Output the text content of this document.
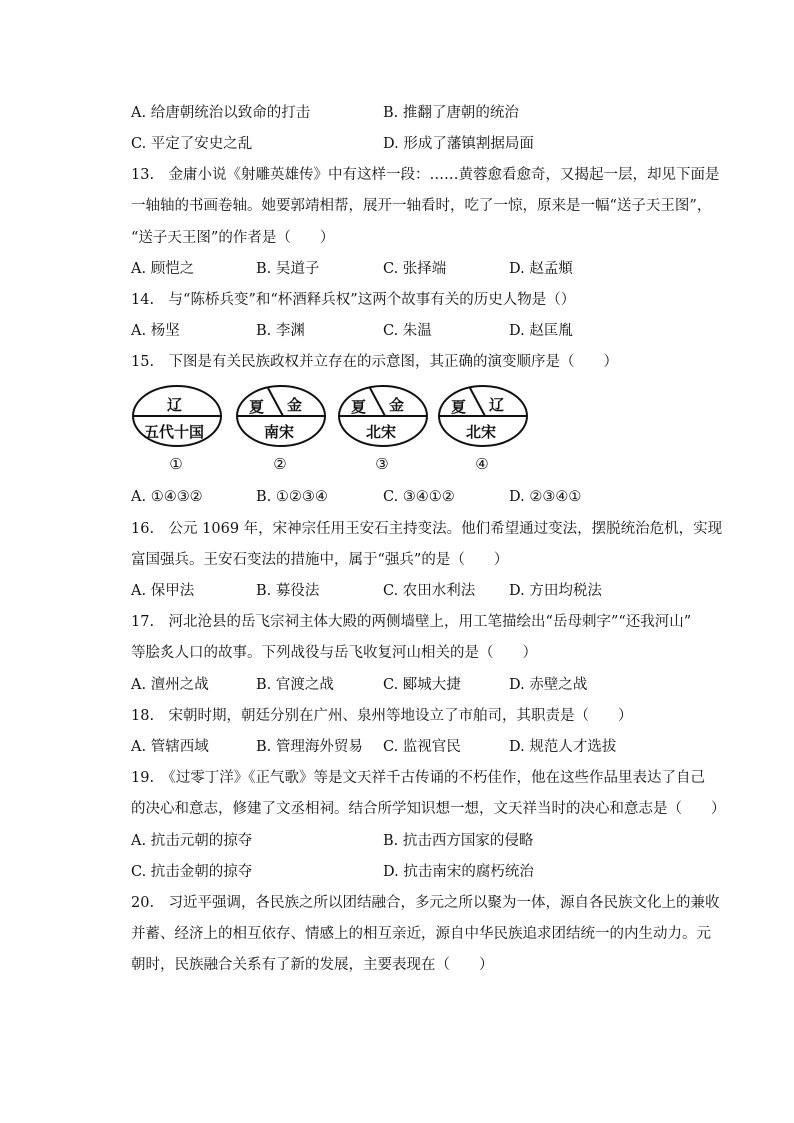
A. 给唐朝统治以致命的打击	B. 推翻了唐朝的统治
C. 平定了安史之乱	D. 形成了藩镇割据局面
13.　金庸小说《射雕英雄传》中有这样一段：……黄蓉愈看愈奇，又揭起一层，却见下面是
一轴轴的书画卷轴。她要郭靖相帮，展开一轴看时，吃了一惊，原来是一幅“送子天王图”，
“送子天王图”的作者是（　　）
A. 顾恺之	B. 吴道子	C. 张择端	D. 赵孟頫
14.　与“陈桥兵变”和“杯酒释兵权”这两个故事有关的历史人物是（）
A. 杨坚	B. 李渊	C. 朱温	D. 赵匡胤
15.　下图是有关民族政权并立存在的示意图，其正确的演变顺序是（　　）
辽
五代十国
①
夏 金
南宋
②
夏 金
北宋
③
夏 辽
北宋
④
A. ①④③②	B. ①②③④	C. ③④①②	D. ②③④①
16.　公元 1069 年，宋神宗任用王安石主持变法。他们希望通过变法，摆脱统治危机，实现
富国强兵。王安石变法的措施中，属于“强兵”的是（　　）
A. 保甲法	B. 募役法	C. 农田水利法 D. 方田均税法
17.　河北沧县的岳飞宗祠主体大殿的两侧墙壁上，用工笔描绘出“岳母刺字”“还我河山”
等脍炙人口的故事。下列战役与岳飞收复河山相关的是（　　）
A. 澶州之战	B. 官渡之战	C. 郾城大捷	D. 赤壁之战
18.　宋朝时期，朝廷分别在广州、泉州等地设立了市舶司，其职责是（　　）
A. 管辖西域	B. 管理海外贸易 C. 监视官民	D. 规范人才选拔
19.　《过零丁洋》《正气歌》等是文天祥千古传诵的不朽佳作，他在这些作品里表达了自己
的决心和意志，修建了文丞相祠。结合所学知识想一想，文天祥当时的决心和意志是（　　）
A. 抗击元朝的掠夺	B. 抗击西方国家的侵略
C. 抗击金朝的掠夺	D. 抗击南宋的腐朽统治
20.　习近平强调，各民族之所以团结融合，多元之所以聚为一体，源自各民族文化上的兼收
并蓄、经济上的相互依存、情感上的相互亲近，源自中华民族追求团结统一的内生动力。元
朝时，民族融合关系有了新的发展，主要表现在（　　）
